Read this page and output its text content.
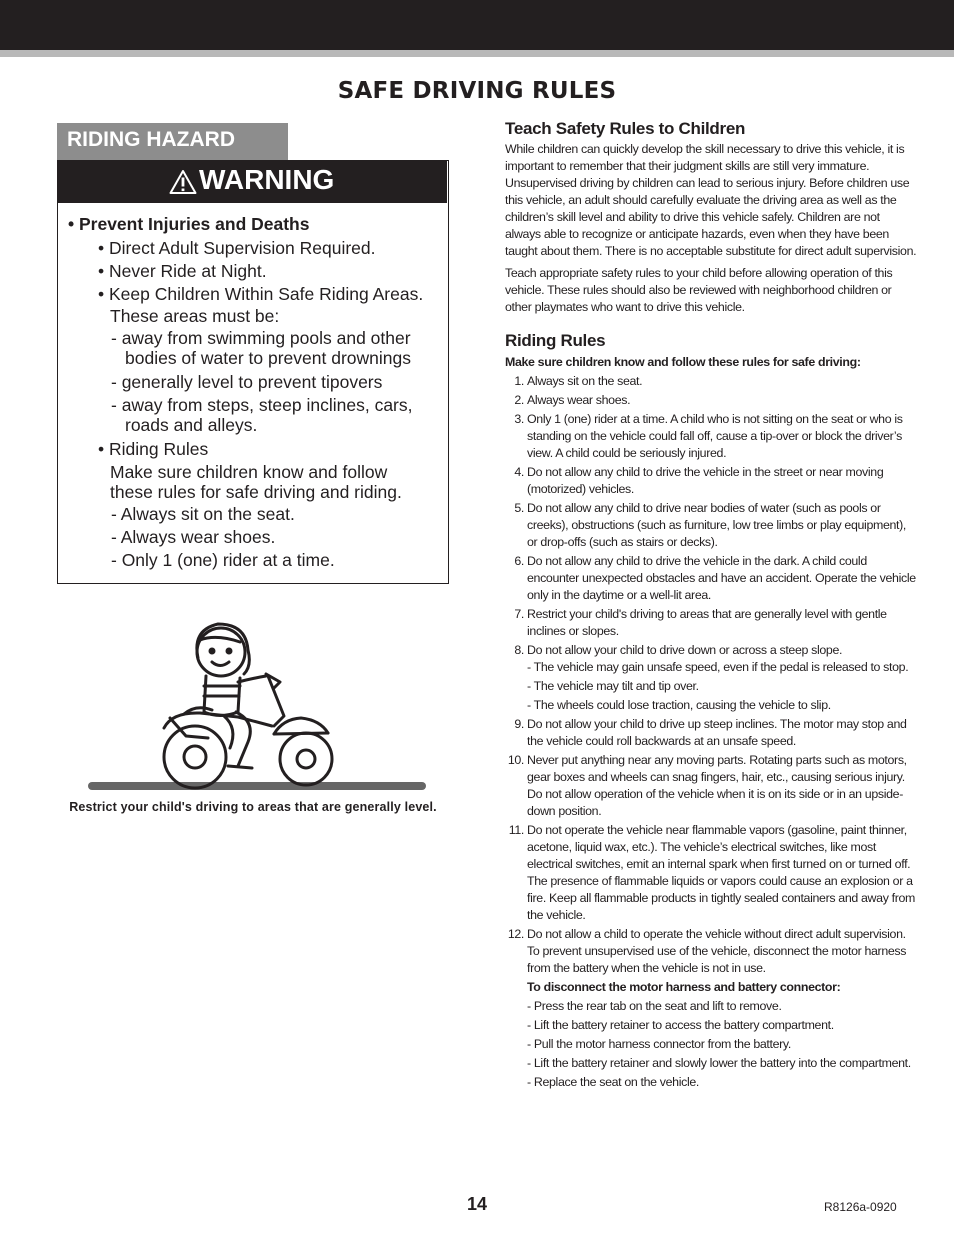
SAFE DRIVING RULES
RIDING HAZARD
WARNING
• Prevent Injuries and Deaths
• Direct Adult Supervision Required.
• Never Ride at Night.
• Keep Children Within Safe Riding Areas.
These areas must be:
- away from swimming pools and other
bodies of water to prevent drownings
- generally level to prevent tipovers
- away from steps, steep inclines, cars,
roads and alleys.
• Riding Rules
Make sure children know and follow
these rules for safe driving and riding.
- Always sit on the seat.
- Always wear shoes.
- Only 1 (one) rider at a time.
Restrict your child's driving to areas that are generally level.
Teach Safety Rules to Children

While children can quickly develop the skill necessary to drive this vehicle, it is important to remember that their judgment skills are still very immature. Unsupervised driving by children can lead to serious injury. Before children use this vehicle, an adult should carefully evaluate the driving area as well as the children’s skill level and ability to drive this vehicle safely. Children are not always able to recognize or anticipate hazards, even when they have been taught about them. There is no acceptable substitute for direct adult supervision.

Teach appropriate safety rules to your child before allowing operation of this vehicle. These rules should also be reviewed with neighborhood children or other playmates who want to drive this vehicle.

Riding Rules
Make sure children know and follow these rules for safe driving:
1. Always sit on the seat.
2. Always wear shoes.
3. Only 1 (one) rider at a time. A child who is not sitting on the seat or who is standing on the vehicle could fall off, cause a tip-over or block the driver’s view. A child could be seriously injured.
4. Do not allow any child to drive the vehicle in the street or near moving (motorized) vehicles.
5. Do not allow any child to drive near bodies of water (such as pools or creeks), obstructions (such as furniture, low tree limbs or play equipment), or drop-offs (such as stairs or decks).
6. Do not allow any child to drive the vehicle in the dark. A child could encounter unexpected obstacles and have an accident. Operate the vehicle only in the daytime or a well-lit area.
7. Restrict your child's driving to areas that are generally level with gentle inclines or slopes.
8. Do not allow your child to drive down or across a steep slope.
- The vehicle may gain unsafe speed, even if the pedal is released to stop.
- The vehicle may tilt and tip over.
- The wheels could lose traction, causing the vehicle to slip.
9. Do not allow your child to drive up steep inclines. The motor may stop and the vehicle could roll backwards at an unsafe speed.
10. Never put anything near any moving parts. Rotating parts such as motors, gear boxes and wheels can snag fingers, hair, etc., causing serious injury. Do not allow operation of the vehicle when it is on its side or in an upside-down position.
11. Do not operate the vehicle near flammable vapors (gasoline, paint thinner, acetone, liquid wax, etc.). The vehicle’s electrical switches, like most electrical switches, emit an internal spark when first turned on or turned off. The presence of flammable liquids or vapors could cause an explosion or a fire. Keep all flammable products in tightly sealed containers and away from the vehicle.
12. Do not allow a child to operate the vehicle without direct adult supervision. To prevent unsupervised use of the vehicle, disconnect the motor harness from the battery when the vehicle is not in use.
To disconnect the motor harness and battery connector:
- Press the rear tab on the seat and lift to remove.
- Lift the battery retainer to access the battery compartment.
- Pull the motor harness connector from the battery.
- Lift the battery retainer and slowly lower the battery into the compartment.
- Replace the seat on the vehicle.
14	R8126a-0920
